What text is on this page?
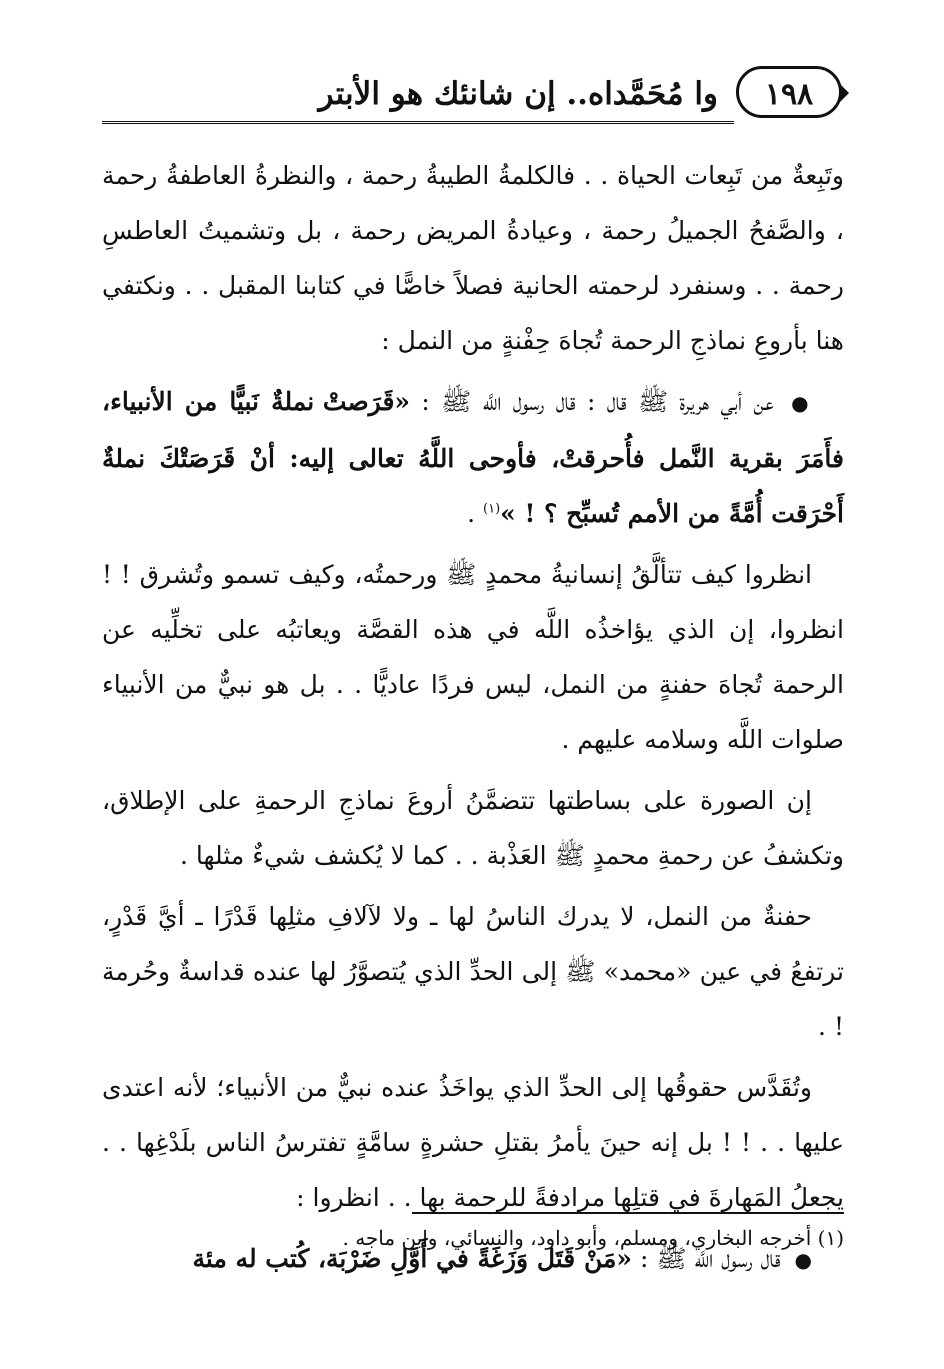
١٩٨
وا مُحَمَّداه.. إن شانئك هو الأبتر

وتَبِعةٌ من تَبِعات الحياة . . فالكلمةُ الطيبةُ رحمة ، والنظرةُ العاطفةُ رحمة ، والصَّفحُ الجميلُ رحمة ، وعيادةُ المريض رحمة ، بل وتشميتُ العاطسِ رحمة . . وسنفرد لرحمته الحانية فصلاً خاصًّا في كتابنا المقبل . . ونكتفي هنا بأروعِ نماذجِ الرحمة تُجاهَ حِفْنةٍ من النمل :

● عن أبي هريرة ﷺ قال : قال رسول اللَّه ﷺ : «قَرَصتْ نملةٌ نَبيًّا من الأنبياء، فأَمَرَ بقرية النَّمل فأُحرقتْ، فأوحى اللَّهُ تعالى إليه: أنْ قَرَصَتْكَ نملةٌ أَحْرَقت أُمَّةً من الأمم تُسبِّح ؟ ! »$^{(١)}$ .

انظروا كيف تتألَّقُ إنسانيةُ محمدٍ ﷺ ورحمتُه، وكيف تسمو وتُشرق ! ! انظروا، إن الذي يؤاخذُه اللَّه في هذه القصَّة ويعاتبُه على تخلِّيه عن الرحمة تُجاهَ حفنةٍ من النمل، ليس فردًا عاديًّا . . بل هو نبيٌّ من الأنبياء صلوات اللَّه وسلامه عليهم .

إن الصورة على بساطتها تتضمَّنُ أروعَ نماذجِ الرحمةِ على الإطلاق، وتكشفُ عن رحمةِ محمدٍ ﷺ العَذْبة . . كما لا يُكشف شيءٌ مثلها .

حفنةٌ من النمل، لا يدرك الناسُ لها ـ ولا لآلافِ مثلِها قَدْرًا ـ أيَّ قَدْرٍ، ترتفعُ في عين «محمد» ﷺ إلى الحدِّ الذي يُتصوَّرُ لها عنده قداسةٌ وحُرمة ! .

وتُقَدَّس حقوقُها إلى الحدِّ الذي يواخَذُ عنده نبيٌّ من الأنبياء؛ لأنه اعتدى عليها . . ! ! بل إنه حينَ يأمرُ بقتلِ حشرةٍ سامَّةٍ تفترسُ الناس بلَدْغِها . . يجعلُ المَهارةَ في قتلِها مرادفةً للرحمة بها . . انظروا :

● قال رسول اللَّه ﷺ : «مَنْ قَتَل وَزَغَةً في أَوَّلِ ضَرْبَة، كُتب له مئة

(١) أخرجه البخاري، ومسلم، وأبو داود، والنسائي، وابن ماجه .
